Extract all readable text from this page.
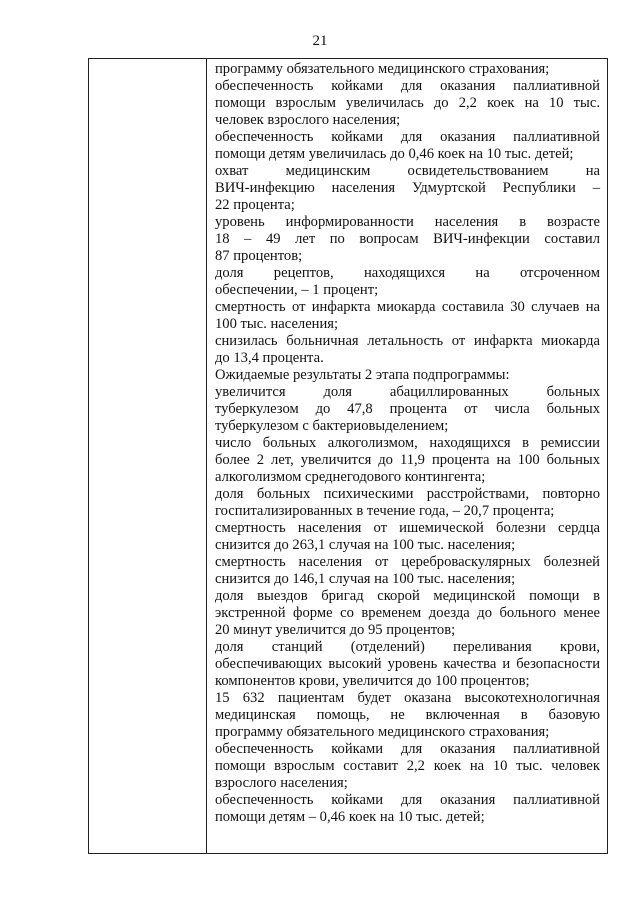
21

программу обязательного медицинского страхования;

обеспеченность койками для оказания паллиативной

помощи взрослым увеличилась до 2,2 коек на 10 тыс.

человек взрослого населения;

обеспеченность койками для оказания паллиативной

помощи детям увеличилась до 0,46 коек на 10 тыс. детей;

охват медицинским освидетельствованием на

ВИЧ-инфекцию населения Удмуртской Республики –

22 процента;

уровень информированности населения в возрасте

18 – 49 лет по вопросам ВИЧ-инфекции составил

87 процентов;

доля рецептов, находящихся на отсроченном

обеспечении, – 1 процент;

смертность от инфаркта миокарда составила 30 случаев на

100 тыс. населения;

снизилась больничная летальность от инфаркта миокарда

до 13,4 процента.

Ожидаемые результаты 2 этапа подпрограммы:

увеличится доля абациллированных больных

туберкулезом до 47,8 процента от числа больных

туберкулезом с бактериовыделением;

число больных алкоголизмом, находящихся в ремиссии

более 2 лет, увеличится до 11,9 процента на 100 больных

алкоголизмом среднегодового контингента;

доля больных психическими расстройствами, повторно

госпитализированных в течение года, – 20,7 процента;

смертность населения от ишемической болезни сердца

снизится до 263,1 случая на 100 тыс. населения;

смертность населения от цереброваскулярных болезней

снизится до 146,1 случая на 100 тыс. населения;

доля выездов бригад скорой медицинской помощи в

экстренной форме со временем доезда до больного менее

20 минут увеличится до 95 процентов;

доля станций (отделений) переливания крови,

обеспечивающих высокий уровень качества и безопасности

компонентов крови, увеличится до 100 процентов;

15 632 пациентам будет оказана высокотехнологичная

медицинская помощь, не включенная в базовую

программу обязательного медицинского страхования;

обеспеченность койками для оказания паллиативной

помощи взрослым составит 2,2 коек на 10 тыс. человек

взрослого населения;

обеспеченность койками для оказания паллиативной

помощи детям – 0,46 коек на 10 тыс. детей;
